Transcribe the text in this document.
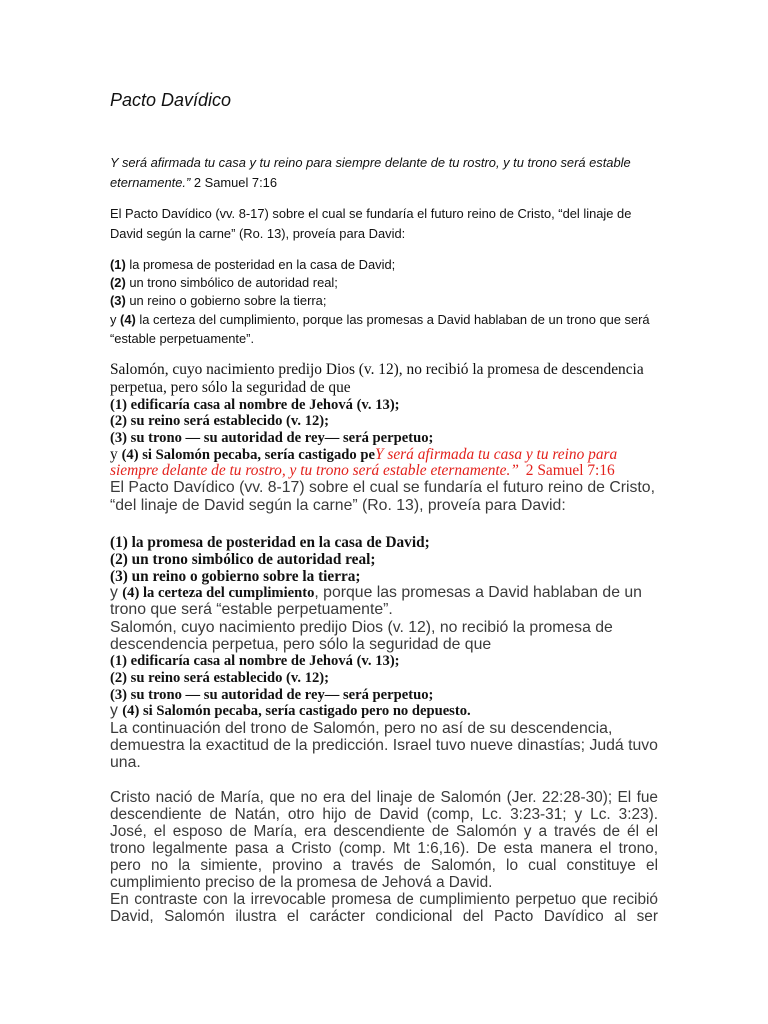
Pacto Davídico
Y será afirmada tu casa y tu reino para siempre delante de tu rostro, y tu trono será estable
eternamente.” 2 Samuel 7:16
El Pacto Davídico (vv. 8-17) sobre el cual se fundaría el futuro reino de Cristo, “del linaje de
David según la carne” (Ro. 13), proveía para David:
(1) la promesa de posteridad en la casa de David;
(2) un trono simbólico de autoridad real;
(3) un reino o gobierno sobre la tierra;
y (4) la certeza del cumplimiento, porque las promesas a David hablaban de un trono que será
“estable perpetuamente”.
Salomón, cuyo nacimiento predijo Dios (v. 12), no recibió la promesa de descendencia
perpetua, pero sólo la seguridad de que
(1) edificaría casa al nombre de Jehová (v. 13);
(2) su reino será establecido (v. 12);
(3) su trono — su autoridad de rey— será perpetuo;
y (4) si Salomón pecaba, sería castigado peY será afirmada tu casa y tu reino para
siempre delante de tu rostro, y tu trono será estable eternamente.” 2 Samuel 7:16
El Pacto Davídico (vv. 8-17) sobre el cual se fundaría el futuro reino de Cristo,
“del linaje de David según la carne” (Ro. 13), proveía para David:
(1) la promesa de posteridad en la casa de David;
(2) un trono simbólico de autoridad real;
(3) un reino o gobierno sobre la tierra;
y (4) la certeza del cumplimiento, porque las promesas a David hablaban de un
trono que será “estable perpetuamente”.
Salomón, cuyo nacimiento predijo Dios (v. 12), no recibió la promesa de
descendencia perpetua, pero sólo la seguridad de que
(1) edificaría casa al nombre de Jehová (v. 13);
(2) su reino será establecido (v. 12);
(3) su trono — su autoridad de rey— será perpetuo;
y (4) si Salomón pecaba, sería castigado pero no depuesto.
La continuación del trono de Salomón, pero no así de su descendencia,
demuestra la exactitud de la predicción. Israel tuvo nueve dinastías; Judá tuvo
una.
Cristo nació de María, que no era del linaje de Salomón (Jer. 22:28-30); El fue
descendiente de Natán, otro hijo de David (comp, Lc. 3:23-31; y Lc. 3:23).
José, el esposo de María, era descendiente de Salomón y a través de él el
trono legalmente pasa a Cristo (comp. Mt 1:6,16). De esta manera el trono,
pero no la simiente, provino a través de Salomón, lo cual constituye el
cumplimiento preciso de la promesa de Jehová a David.
En contraste con la irrevocable promesa de cumplimiento perpetuo que recibió
David, Salomón ilustra el carácter condicional del Pacto Davídico al ser
